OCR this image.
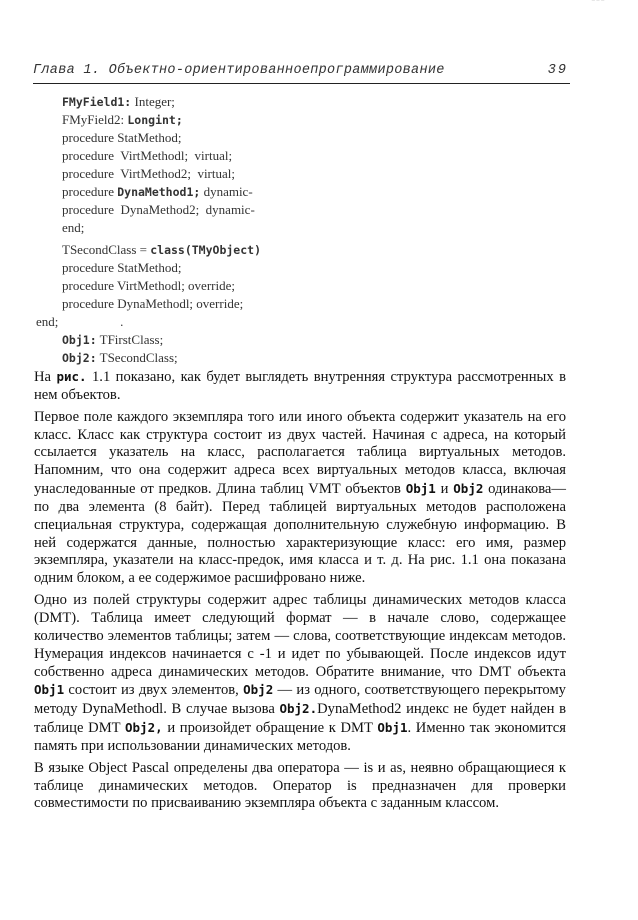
‾ ‾ ‾
Глава 1. Объектно-ориентированноепрограммирование	39
FMyField1: Integer;
FMyField2: Longint;
procedure StatMethod;
procedure  VirtMethodl;  virtual;
procedure  VirtMethod2;  virtual;
procedure DynaMethod1; dynamic-
procedure  DynaMethod2;  dynamic-
end;
TSecondClass = class(TMyObject)
procedure StatMethod;
procedure VirtMethodl; override;
procedure DynaMethodl; override;
end;                   .
Obj1: TFirstClass;
Obj2: TSecondClass;

На рис. 1.1 показано, как будет выглядеть внутренняя структура рассмотренных в нем объектов.

Первое поле каждого экземпляра того или иного объекта содержит указатель на его класс. Класс как структура состоит из двух частей. Начиная с адреса, на который ссылается указатель на класс, располагается таблица виртуальных методов. Напомним, что она содержит адреса всех виртуальных методов класса, включая унаследованные от предков. Длина таблиц VMT объектов Obj1 и Obj2 одинакова— по два элемента (8 байт). Перед таблицей виртуальных методов расположена специальная структура, содержащая дополнительную служебную информацию. В ней содержатся данные, полностью характеризующие класс: его имя, размер экземпляра, указатели на класс-предок, имя класса и т. д. На рис. 1.1 она показана одним блоком, а ее содержимое расшифровано ниже.

Одно из полей структуры содержит адрес таблицы динамических методов класса (DMT). Таблица имеет следующий формат — в начале слово, содержащее количество элементов таблицы; затем — слова, соответствующие индексам методов. Нумерация индексов начинается с -1 и идет по убывающей. После индексов идут собственно адреса динамических методов. Обратите внимание, что DMT объекта Obj1 состоит из двух элементов, Obj2 — из одного, соответствующего перекрытому методу DynaMethodl. В случае вызова Obj2.DynaMethod2 индекс не будет найден в таблице DMT Obj2, и произойдет обращение к DMT Obj1. Именно так экономится память при использовании динамических методов.

В языке Object Pascal определены два оператора — is и as, неявно обращающиеся к таблице динамических методов. Оператор is предназначен для проверки совместимости по присваиванию экземпляра объекта с заданным классом.
